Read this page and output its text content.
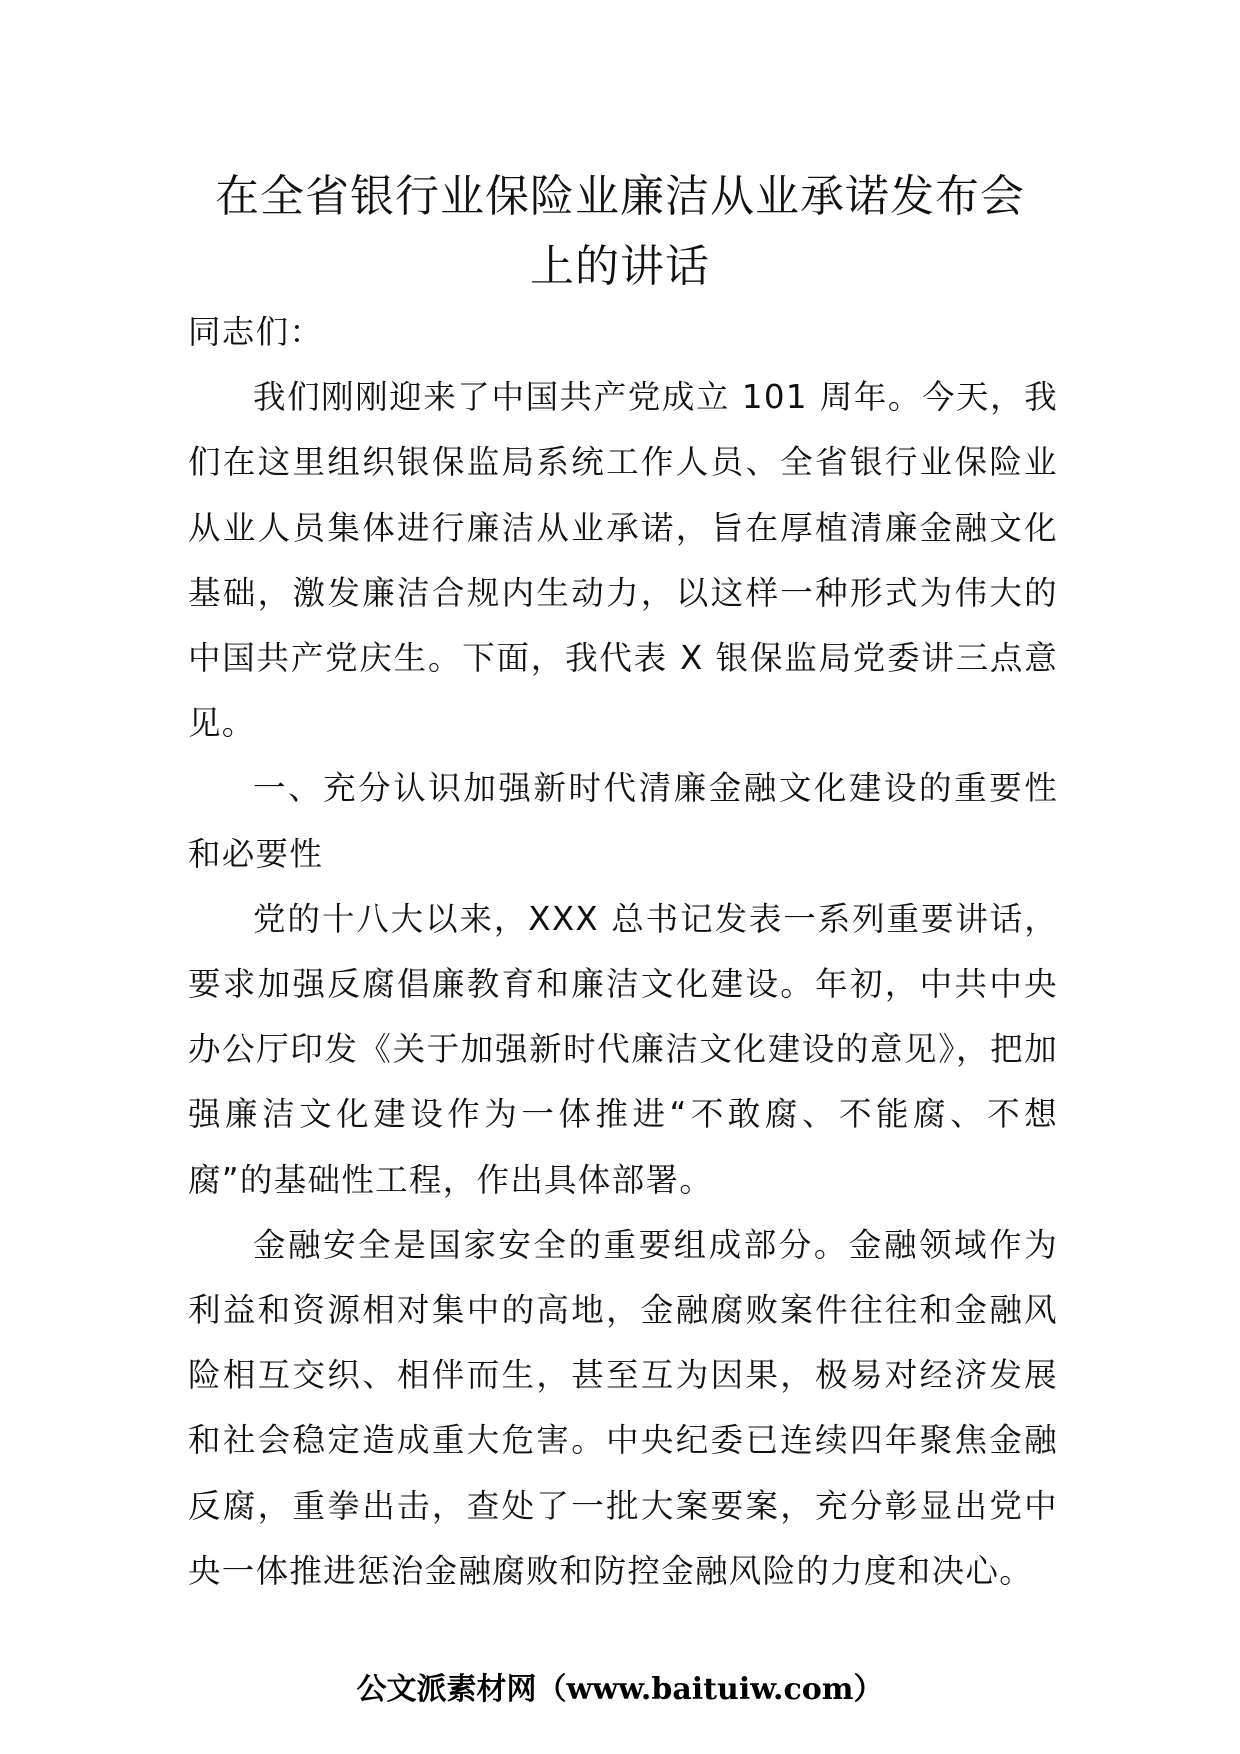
在全省银行业保险业廉洁从业承诺发布会
上的讲话

同志们：

我们刚刚迎来了中国共产党成立 101 周年。今天，我们在这里组织银保监局系统工作人员、全省银行业保险业从业人员集体进行廉洁从业承诺，旨在厚植清廉金融文化基础，激发廉洁合规内生动力，以这样一种形式为伟大的中国共产党庆生。下面，我代表 X 银保监局党委讲三点意见。

一、充分认识加强新时代清廉金融文化建设的重要性和必要性

党的十八大以来，XXX 总书记发表一系列重要讲话，要求加强反腐倡廉教育和廉洁文化建设。年初，中共中央办公厅印发《关于加强新时代廉洁文化建设的意见》，把加强廉洁文化建设作为一体推进“不敢腐、不能腐、不想腐”的基础性工程，作出具体部署。

金融安全是国家安全的重要组成部分。金融领域作为利益和资源相对集中的高地，金融腐败案件往往和金融风险相互交织、相伴而生，甚至互为因果，极易对经济发展和社会稳定造成重大危害。中央纪委已连续四年聚焦金融反腐，重拳出击，查处了一批大案要案，充分彰显出党中央一体推进惩治金融腐败和防控金融风险的力度和决心。

公文派素材网（www.baituiw.com）
